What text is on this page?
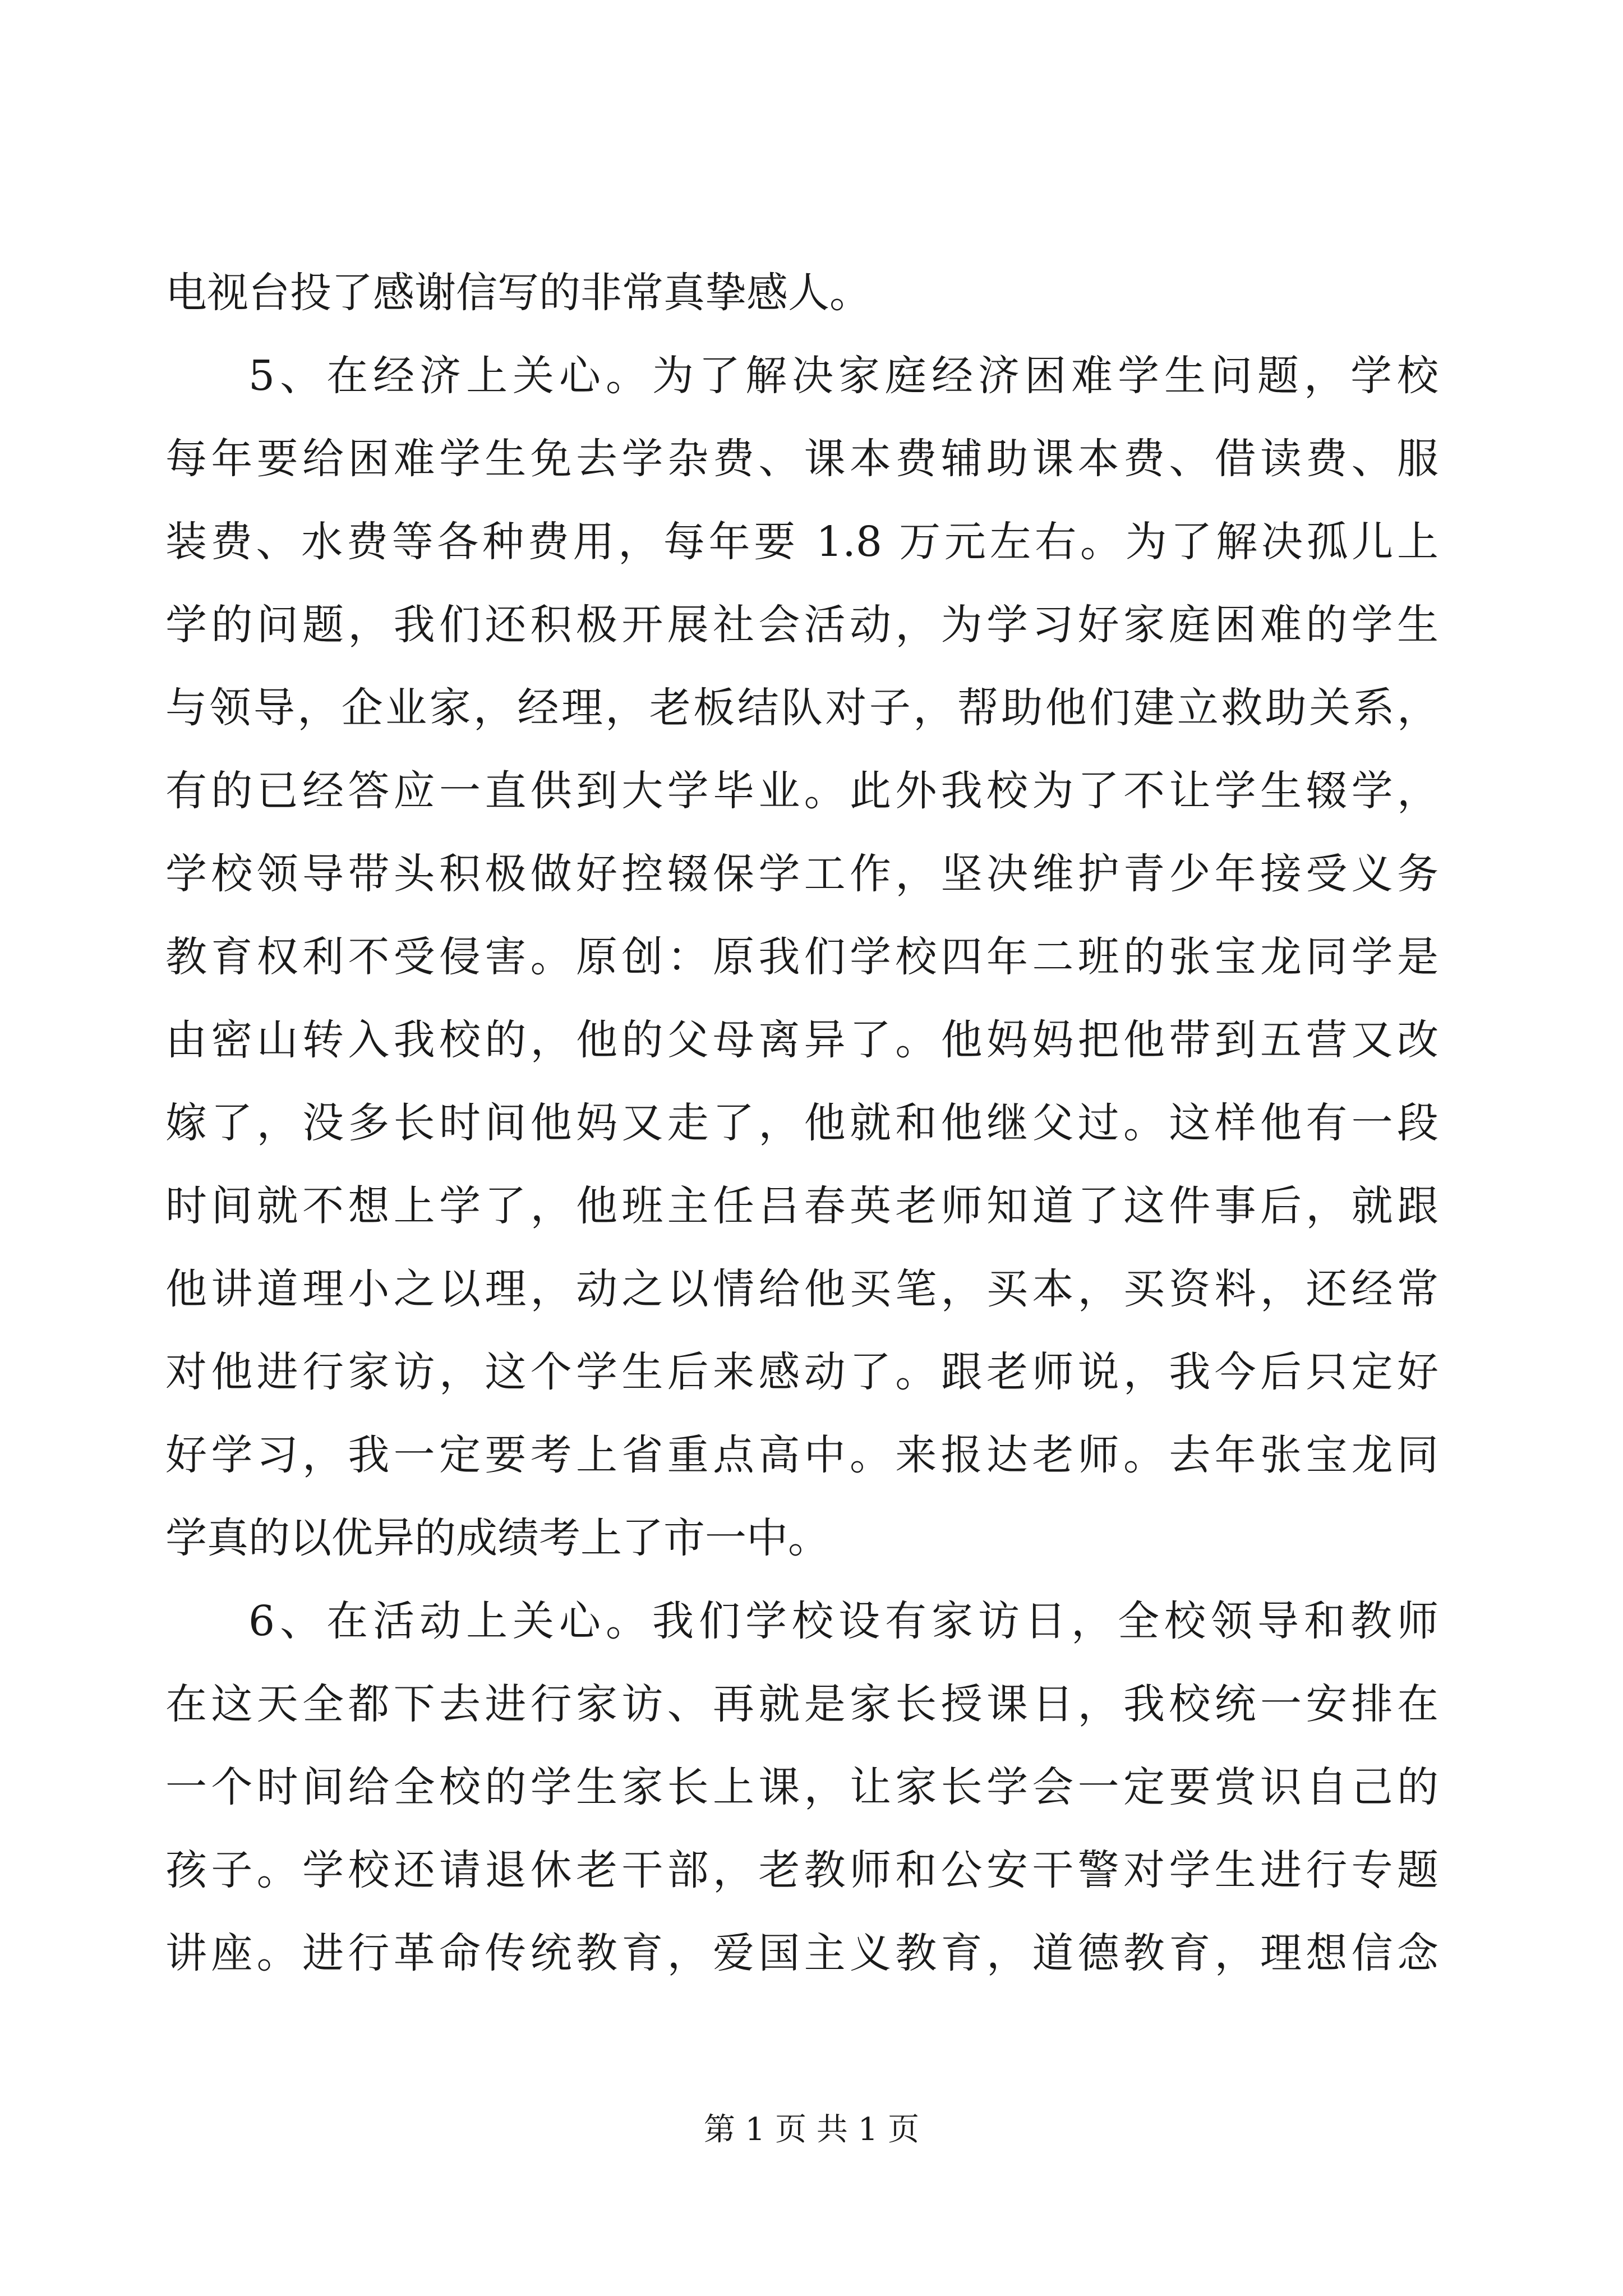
电视台投了感谢信写的非常真挚感人。
5、在经济上关心。为了解决家庭经济困难学生问题，学校
每年要给困难学生免去学杂费、课本费辅助课本费、借读费、服
装费、水费等各种费用，每年要 1.8 万元左右。为了解决孤儿上
学的问题，我们还积极开展社会活动，为学习好家庭困难的学生
与领导，企业家，经理，老板结队对子，帮助他们建立救助关系，
有的已经答应一直供到大学毕业。此外我校为了不让学生辍学，
学校领导带头积极做好控辍保学工作，坚决维护青少年接受义务
教育权利不受侵害。原创：原我们学校四年二班的张宝龙同学是
由密山转入我校的，他的父母离异了。他妈妈把他带到五营又改
嫁了，没多长时间他妈又走了，他就和他继父过。这样他有一段
时间就不想上学了，他班主任吕春英老师知道了这件事后，就跟
他讲道理小之以理，动之以情给他买笔，买本，买资料，还经常
对他进行家访，这个学生后来感动了。跟老师说，我今后只定好
好学习，我一定要考上省重点高中。来报达老师。去年张宝龙同
学真的以优异的成绩考上了市一中。
6、在活动上关心。我们学校设有家访日，全校领导和教师
在这天全都下去进行家访、再就是家长授课日，我校统一安排在
一个时间给全校的学生家长上课，让家长学会一定要赏识自己的
孩子。学校还请退休老干部，老教师和公安干警对学生进行专题
讲座。进行革命传统教育，爱国主义教育，道德教育，理想信念
第 1 页 共 1 页
